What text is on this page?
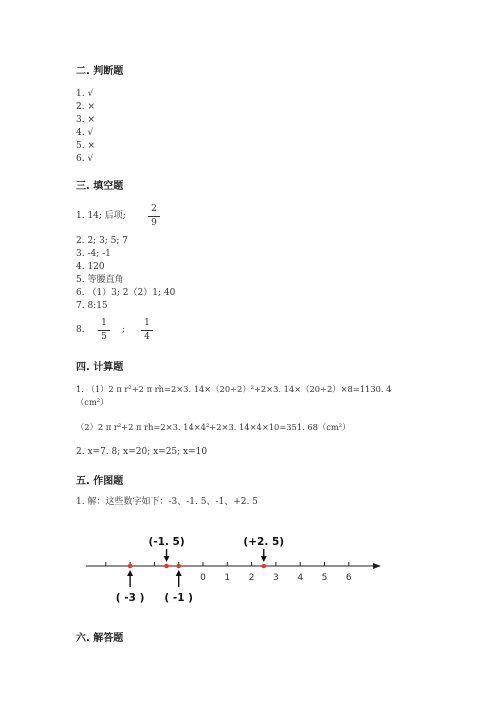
二. 判断题
1. √
2. ×
3. ×
4. √
5. ×
6. √
三. 填空题
1. 14; 后项;
2
9
2. 2; 3; 5; 7
3. -4; -1
4. 120
5. 等腰直角
6. （1）3; 2（2）1; 40
7. 8:15
8.
1
5
;
1
4
四. 计算题
1. （1）2 π r²+2 π rh=2×3. 14×（20÷2）²+2×3. 14×（20÷2）×8=1130. 4
（cm²）
（2）2 π r²+2 π rh=2×3. 14×4²+2×3. 14×4×10=351. 68（cm²）
2. x=7. 8; x=20; x=25; x=10
五. 作图题
1. 解：这些数字如下：-3、-1. 5、-1、+2. 5
0 1 2 3 4 5 6
(-1. 5)	(+2. 5)
( -3 ) ( -1 )
六. 解答题
